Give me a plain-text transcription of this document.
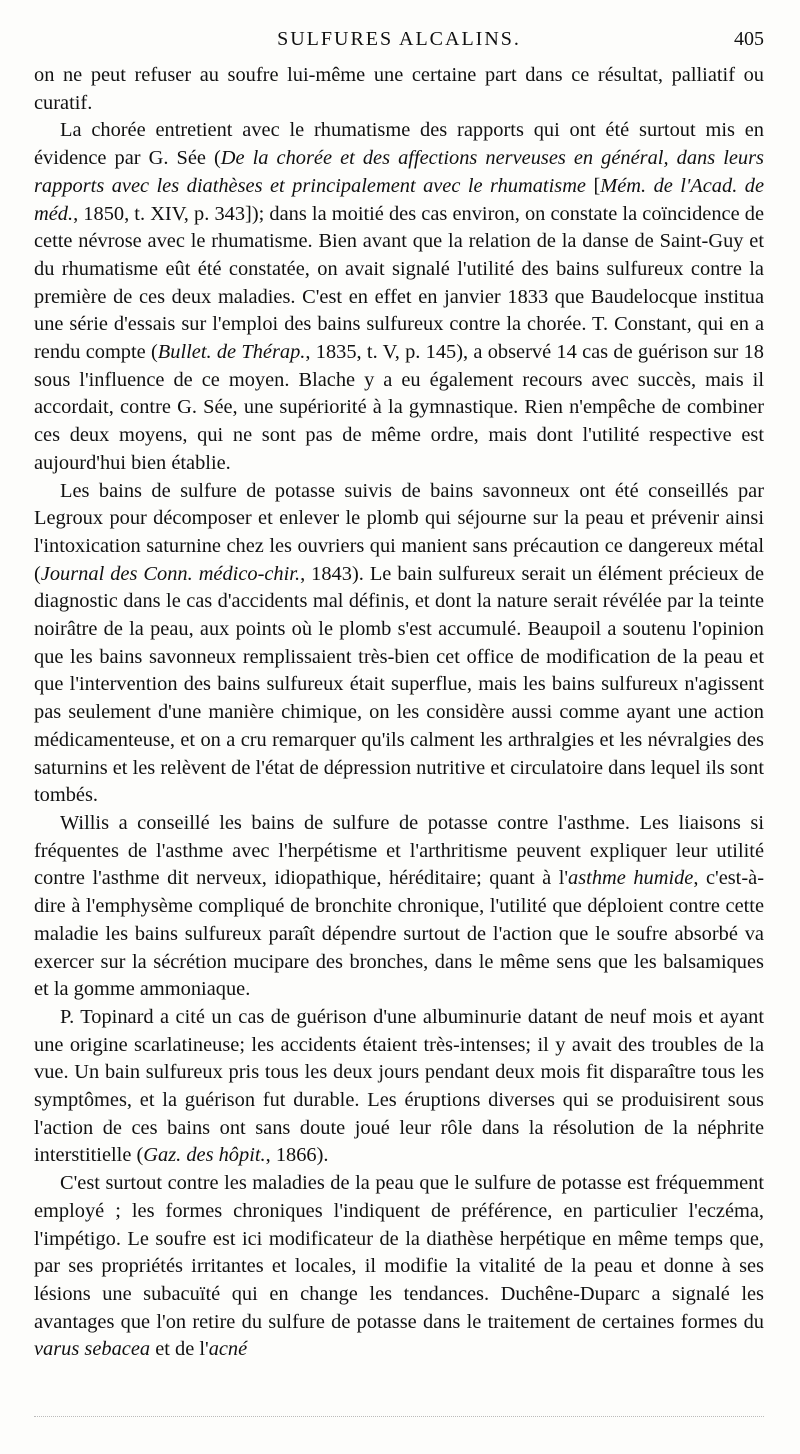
SULFURES ALCALINS.	405

on ne peut refuser au soufre lui-même une certaine part dans ce résultat, palliatif ou curatif.

La chorée entretient avec le rhumatisme des rapports qui ont été surtout mis en évidence par G. Sée (De la chorée et des affections nerveuses en général, dans leurs rapports avec les diathèses et principalement avec le rhumatisme [Mém. de l'Acad. de méd., 1850, t. XIV, p. 343]); dans la moitié des cas environ, on constate la coïncidence de cette névrose avec le rhumatisme. Bien avant que la relation de la danse de Saint-Guy et du rhumatisme eût été constatée, on avait signalé l'utilité des bains sulfureux contre la première de ces deux maladies. C'est en effet en janvier 1833 que Baudelocque institua une série d'essais sur l'emploi des bains sulfureux contre la chorée. T. Constant, qui en a rendu compte (Bullet. de Thérap., 1835, t. V, p. 145), a observé 14 cas de guérison sur 18 sous l'influence de ce moyen. Blache y a eu également recours avec succès, mais il accordait, contre G. Sée, une supériorité à la gymnastique. Rien n'empêche de combiner ces deux moyens, qui ne sont pas de même ordre, mais dont l'utilité respective est aujourd'hui bien établie.

Les bains de sulfure de potasse suivis de bains savonneux ont été conseillés par Legroux pour décomposer et enlever le plomb qui séjourne sur la peau et prévenir ainsi l'intoxication saturnine chez les ouvriers qui manient sans précaution ce dangereux métal (Journal des Conn. médico-chir., 1843). Le bain sulfureux serait un élément précieux de diagnostic dans le cas d'accidents mal définis, et dont la nature serait révélée par la teinte noirâtre de la peau, aux points où le plomb s'est accumulé. Beaupoil a soutenu l'opinion que les bains savonneux remplissaient très-bien cet office de modification de la peau et que l'intervention des bains sulfureux était superflue, mais les bains sulfureux n'agissent pas seulement d'une manière chimique, on les considère aussi comme ayant une action médicamenteuse, et on a cru remarquer qu'ils calment les arthralgies et les névralgies des saturnins et les relèvent de l'état de dépression nutritive et circulatoire dans lequel ils sont tombés.

Willis a conseillé les bains de sulfure de potasse contre l'asthme. Les liaisons si fréquentes de l'asthme avec l'herpétisme et l'arthritisme peuvent expliquer leur utilité contre l'asthme dit nerveux, idiopathique, héréditaire; quant à l'asthme humide, c'est-à-dire à l'emphysème compliqué de bronchite chronique, l'utilité que déploient contre cette maladie les bains sulfureux paraît dépendre surtout de l'action que le soufre absorbé va exercer sur la sécrétion mucipare des bronches, dans le même sens que les balsamiques et la gomme ammoniaque.

P. Topinard a cité un cas de guérison d'une albuminurie datant de neuf mois et ayant une origine scarlatineuse; les accidents étaient très-intenses; il y avait des troubles de la vue. Un bain sulfureux pris tous les deux jours pendant deux mois fit disparaître tous les symptômes, et la guérison fut durable. Les éruptions diverses qui se produisirent sous l'action de ces bains ont sans doute joué leur rôle dans la résolution de la néphrite interstitielle (Gaz. des hôpit., 1866).

C'est surtout contre les maladies de la peau que le sulfure de potasse est fréquemment employé ; les formes chroniques l'indiquent de préférence, en particulier l'eczéma, l'impétigo. Le soufre est ici modificateur de la diathèse herpétique en même temps que, par ses propriétés irritantes et locales, il modifie la vitalité de la peau et donne à ses lésions une subacuïté qui en change les tendances. Duchêne-Duparc a signalé les avantages que l'on retire du sulfure de potasse dans le traitement de certaines formes du varus sebacea et de l'acné
